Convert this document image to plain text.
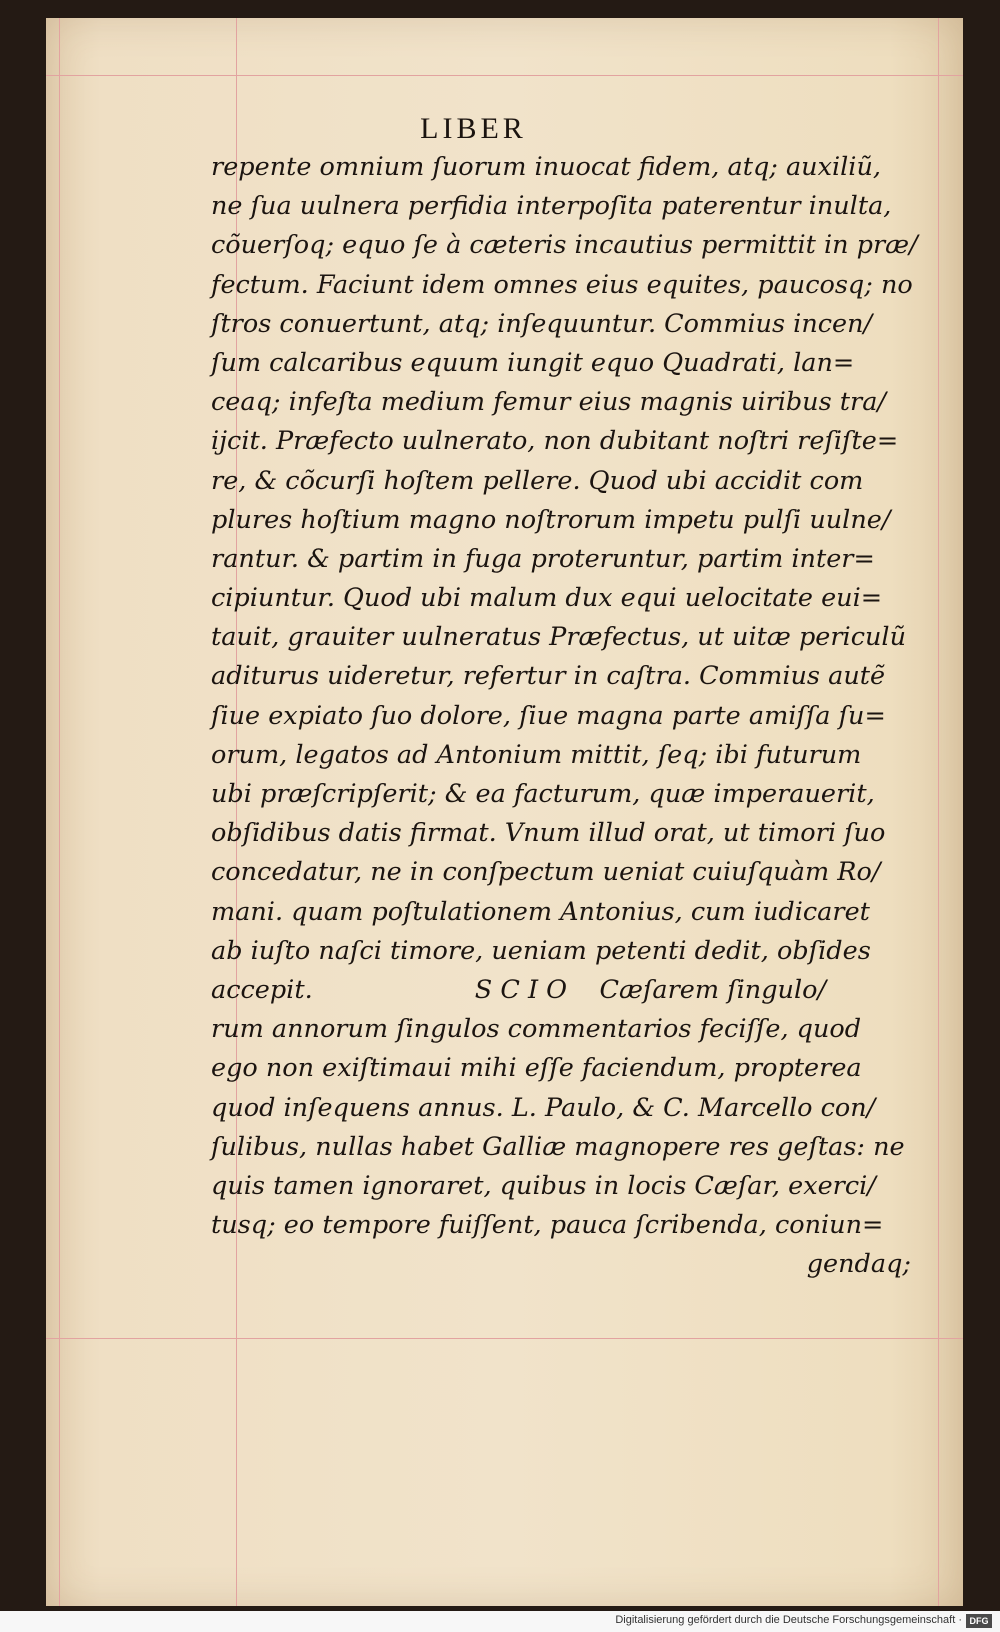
LIBER
repente omnium ſuorum inuocat fidem, atq; auxiliũ,
ne ſua uulnera perfidia interpoſita paterentur inulta,
cõuerſoq; equo ſe à cæteris incautius permittit in præ/
fectum. Faciunt idem omnes eius equites, paucosq; no
ſtros conuertunt, atq; inſequuntur. Commius incen/
ſum calcaribus equum iungit equo Quadrati, lan=
ceaq; infeſta medium femur eius magnis uiribus tra/
ijcit. Præfecto uulnerato, non dubitant noſtri reſiſte=
re, & cõcurſi hoſtem pellere. Quod ubi accidit com
plures hoſtium magno noſtrorum impetu pulſi uulne/
rantur. & partim in fuga proteruntur, partim inter=
cipiuntur. Quod ubi malum dux equi uelocitate eui=
tauit, grauiter uulneratus Præfectus, ut uitæ periculũ
aditurus uideretur, refertur in caſtra. Commius autẽ
ſiue expiato ſuo dolore, ſiue magna parte amiſſa ſu=
orum, legatos ad Antonium mittit, ſeq; ibi futurum
ubi præſcripſerit; & ea facturum, quæ imperauerit,
obſidibus datis firmat. Vnum illud orat, ut timori ſuo
concedatur, ne in conſpectum ueniat cuiuſquàm Ro/
mani. quam poſtulationem Antonius, cum iudicaret
ab iuſto naſci timore, ueniam petenti dedit, obſides
accepit.                    S C I O    Cæſarem ſingulo/
rum annorum ſingulos commentarios feciſſe, quod
ego non exiſtimaui mihi eſſe faciendum, propterea
quod inſequens annus. L. Paulo, & C. Marcello con/
ſulibus, nullas habet Galliæ magnopere res geſtas: ne
quis tamen ignoraret, quibus in locis Cæſar, exerci/
tusq; eo tempore fuiſſent, pauca ſcribenda, coniun=
gendaq;
Digitalisierung gefördert durch die Deutsche Forschungsgemeinschaft · DFG
